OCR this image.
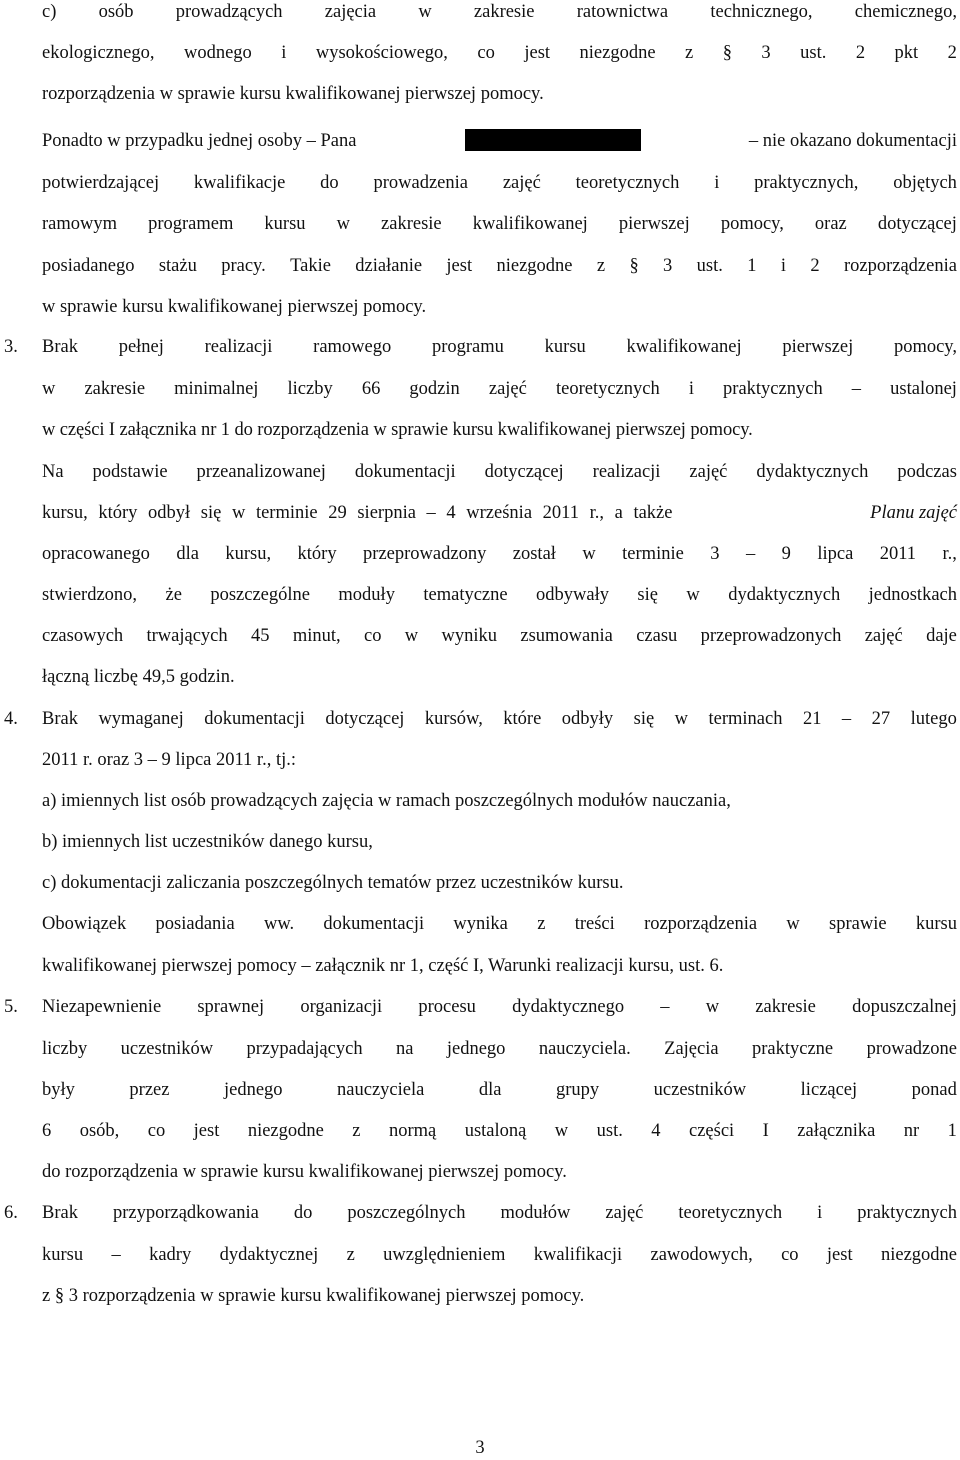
c) osób prowadzących zajęcia w zakresie ratownictwa technicznego, chemicznego,
ekologicznego, wodnego i wysokościowego, co jest niezgodne z § 3 ust. 2 pkt 2
rozporządzenia w sprawie kursu kwalifikowanej pierwszej pomocy.
Ponadto w przypadku jednej osoby – Pana	– nie okazano dokumentacji
potwierdzającej kwalifikacje do prowadzenia zajęć teoretycznych i praktycznych, objętych
ramowym programem kursu w zakresie kwalifikowanej pierwszej pomocy, oraz dotyczącej
posiadanego stażu pracy. Takie działanie jest niezgodne z § 3 ust. 1 i 2 rozporządzenia
w sprawie kursu kwalifikowanej pierwszej pomocy.
3. Brak pełnej realizacji ramowego programu kursu kwalifikowanej pierwszej pomocy,
w zakresie minimalnej liczby 66 godzin zajęć teoretycznych i praktycznych – ustalonej
w części I załącznika nr 1 do rozporządzenia w sprawie kursu kwalifikowanej pierwszej pomocy.
Na podstawie przeanalizowanej dokumentacji dotyczącej realizacji zajęć dydaktycznych podczas
kursu, który odbył się w terminie 29 sierpnia – 4 września 2011 r., a także	Planu zajęć
opracowanego dla kursu, który przeprowadzony został w terminie 3 – 9 lipca 2011 r.,
stwierdzono, że poszczególne moduły tematyczne odbywały się w dydaktycznych jednostkach
czasowych trwających 45 minut, co w wyniku zsumowania czasu przeprowadzonych zajęć daje
łączną liczbę 49,5 godzin.
4. Brak wymaganej dokumentacji dotyczącej kursów, które odbyły się w terminach 21 – 27 lutego
2011 r. oraz 3 – 9 lipca 2011 r., tj.:
a) imiennych list osób prowadzących zajęcia w ramach poszczególnych modułów nauczania,
b) imiennych list uczestników danego kursu,
c) dokumentacji zaliczania poszczególnych tematów przez uczestników kursu.
Obowiązek posiadania ww. dokumentacji wynika z treści rozporządzenia w sprawie kursu
kwalifikowanej pierwszej pomocy – załącznik nr 1, część I, Warunki realizacji kursu, ust. 6.
5. Niezapewnienie sprawnej organizacji procesu dydaktycznego – w zakresie dopuszczalnej
liczby uczestników przypadających na jednego nauczyciela. Zajęcia praktyczne prowadzone
były	przez	jednego	nauczyciela	dla	grupy	uczestników	liczącej	ponad
6 osób, co jest niezgodne z normą ustaloną w ust. 4 części I załącznika nr 1
do rozporządzenia w sprawie kursu kwalifikowanej pierwszej pomocy.
6. Brak przyporządkowania do poszczególnych modułów zajęć teoretycznych i praktycznych
kursu – kadry dydaktycznej z uwzględnieniem kwalifikacji zawodowych, co jest niezgodne
z § 3 rozporządzenia w sprawie kursu kwalifikowanej pierwszej pomocy.
3
